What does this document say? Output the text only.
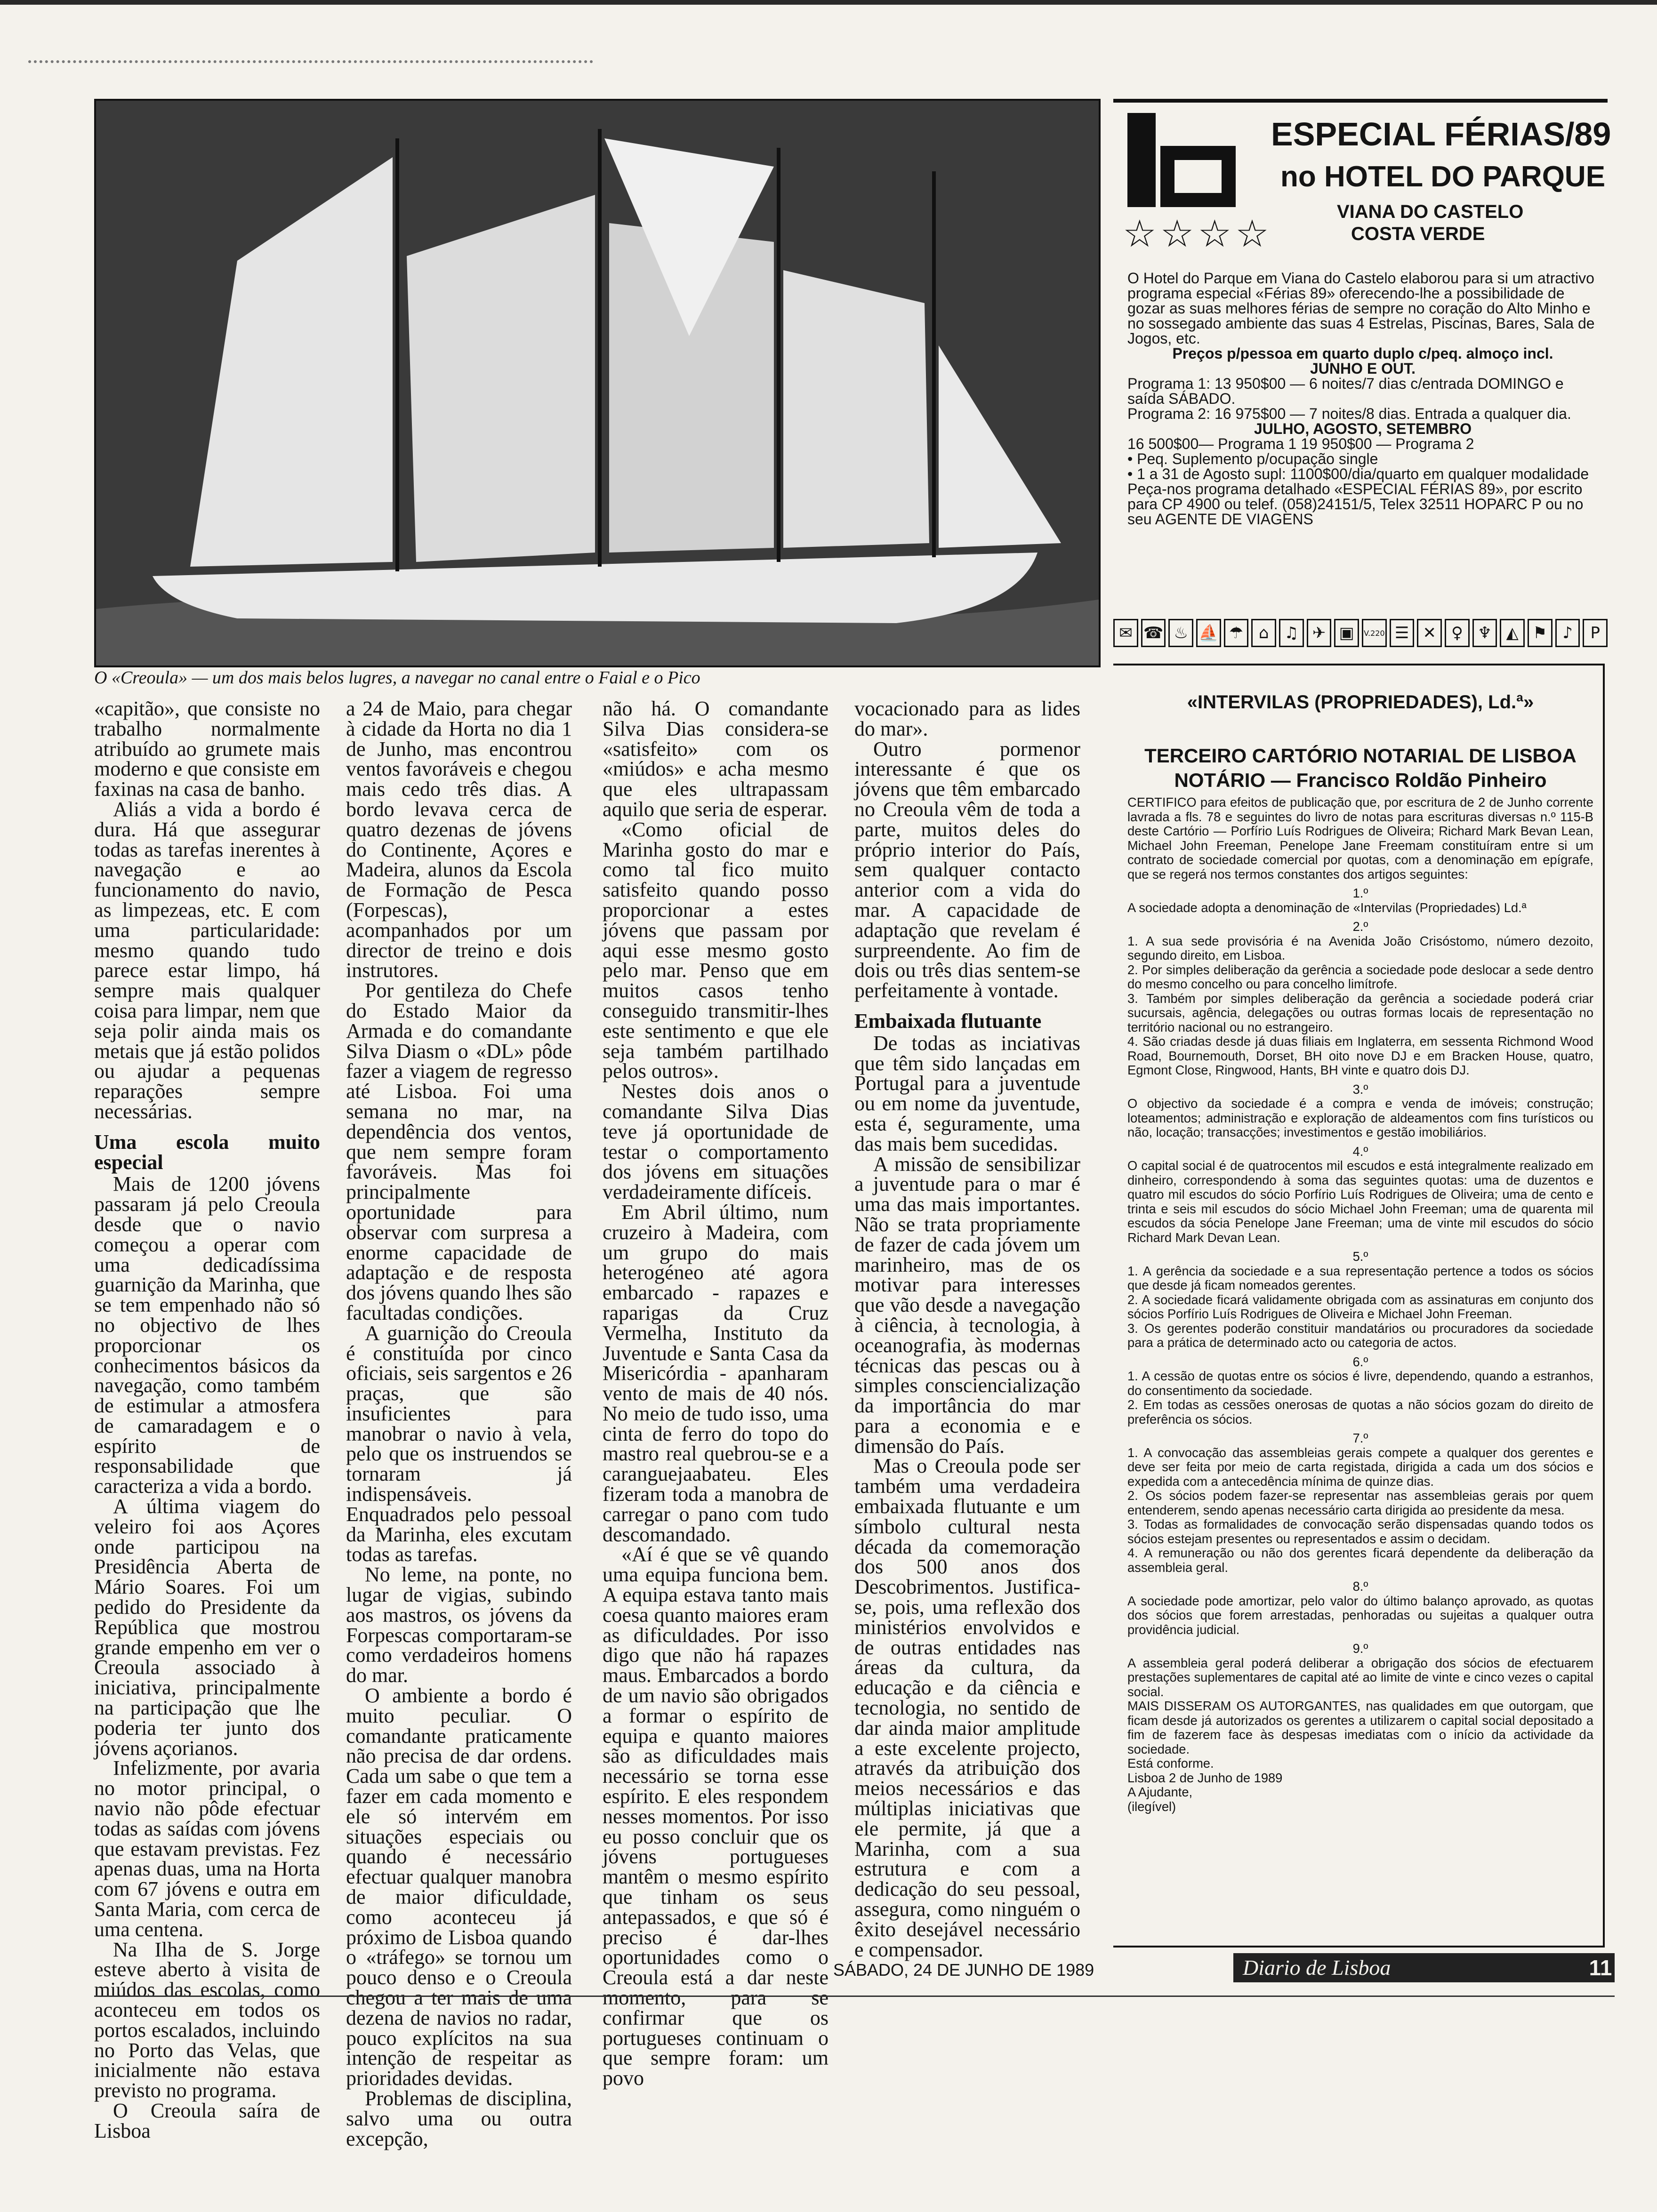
O «Creoula» — um dos mais belos lugres, a navegar no canal entre o Faial e o Pico

«capitão», que consiste no trabalho normalmente atribuído ao grumete mais moderno e que consiste em faxinas na casa de banho.

Aliás a vida a bordo é dura. Há que assegurar todas as tarefas inerentes à navegação e ao funcionamento do navio, as limpezeas, etc. E com uma particularidade: mesmo quando tudo parece estar limpo, há sempre mais qualquer coisa para limpar, nem que seja polir ainda mais os metais que já estão polidos ou ajudar a pequenas reparações sempre necessárias.

Uma escola muito especial

Mais de 1200 jóvens passaram já pelo Creoula desde que o navio começou a operar com uma dedicadíssima guarnição da Marinha, que se tem empenhado não só no objectivo de lhes proporcionar os conhecimentos básicos da navegação, como também de estimular a atmosfera de camaradagem e o espírito de responsabilidade que caracteriza a vida a bordo.

A última viagem do veleiro foi aos Açores onde participou na Presidência Aberta de Mário Soares. Foi um pedido do Presidente da República que mostrou grande empenho em ver o Creoula associado à iniciativa, principalmente na participação que lhe poderia ter junto dos jóvens açorianos.

Infelizmente, por avaria no motor principal, o navio não pôde efectuar todas as saídas com jóvens que estavam previstas. Fez apenas duas, uma na Horta com 67 jóvens e outra em Santa Maria, com cerca de uma centena.

Na Ilha de S. Jorge esteve aberto à visita de miúdos das escolas, como aconteceu em todos os portos escalados, incluindo no Porto das Velas, que inicialmente não estava previsto no programa.

O Creoula saíra de Lisboa

a 24 de Maio, para chegar à cidade da Horta no dia 1 de Junho, mas encontrou ventos favoráveis e chegou mais cedo três dias. A bordo levava cerca de quatro dezenas de jóvens do Continente, Açores e Madeira, alunos da Escola de Formação de Pesca (Forpescas), acompanhados por um director de treino e dois instrutores.

Por gentileza do Chefe do Estado Maior da Armada e do comandante Silva Diasm o «DL» pôde fazer a viagem de regresso até Lisboa. Foi uma semana no mar, na dependência dos ventos, que nem sempre foram favoráveis. Mas foi principalmente oportunidade para observar com surpresa a enorme capacidade de adaptação e de resposta dos jóvens quando lhes são facultadas condições.

A guarnição do Creoula é constituída por cinco oficiais, seis sargentos e 26 praças, que são insuficientes para manobrar o navio à vela, pelo que os instruendos se tornaram já indispensáveis. Enquadrados pelo pessoal da Marinha, eles excutam todas as tarefas.

No leme, na ponte, no lugar de vigias, subindo aos mastros, os jóvens da Forpescas comportaram-se como verdadeiros homens do mar.

O ambiente a bordo é muito peculiar. O comandante praticamente não precisa de dar ordens. Cada um sabe o que tem a fazer em cada momento e ele só intervém em situações especiais ou quando é necessário efectuar qualquer manobra de maior dificuldade, como aconteceu já próximo de Lisboa quando o «tráfego» se tornou um pouco denso e o Creoula chegou a ter mais de uma dezena de navios no radar, pouco explícitos na sua intenção de respeitar as prioridades devidas.

Problemas de disciplina, salvo uma ou outra excepção,

não há. O comandante Silva Dias considera-se «satisfeito» com os «miúdos» e acha mesmo que eles ultrapassam aquilo que seria de esperar.

«Como oficial de Marinha gosto do mar e como tal fico muito satisfeito quando posso proporcionar a estes jóvens que passam por aqui esse mesmo gosto pelo mar. Penso que em muitos casos tenho conseguido transmitir-lhes este sentimento e que ele seja também partilhado pelos outros».

Nestes dois anos o comandante Silva Dias teve já oportunidade de testar o comportamento dos jóvens em situações verdadeiramente difíceis.

Em Abril último, num cruzeiro à Madeira, com um grupo do mais heterogéneo até agora embarcado - rapazes e raparigas da Cruz Vermelha, Instituto da Juventude e Santa Casa da Misericórdia - apanharam vento de mais de 40 nós. No meio de tudo isso, uma cinta de ferro do topo do mastro real quebrou-se e a caranguejaabateu. Eles fizeram toda a manobra de carregar o pano com tudo descomandado.

«Aí é que se vê quando uma equipa funciona bem. A equipa estava tanto mais coesa quanto maiores eram as dificuldades. Por isso digo que não há rapazes maus. Embarcados a bordo de um navio são obrigados a formar o espírito de equipa e quanto maiores são as dificuldades mais necessário se torna esse espírito. E eles respondem nesses momentos. Por isso eu posso concluir que os jóvens portugueses mantêm o mesmo espírito que tinham os seus antepassados, e que só é preciso é dar-lhes oportunidades como o Creoula está a dar neste momento, para se confirmar que os portugueses continuam o que sempre foram: um povo

vocacionado para as lides do mar».

Outro pormenor interessante é que os jóvens que têm embarcado no Creoula vêm de toda a parte, muitos deles do próprio interior do País, sem qualquer contacto anterior com a vida do mar. A capacidade de adaptação que revelam é surpreendente. Ao fim de dois ou três dias sentem-se perfeitamente à vontade.

Embaixada flutuante

De todas as inciativas que têm sido lançadas em Portugal para a juventude ou em nome da juventude, esta é, seguramente, uma das mais bem sucedidas.

A missão de sensibilizar a juventude para o mar é uma das mais importantes. Não se trata propriamente de fazer de cada jóvem um marinheiro, mas de os motivar para interesses que vão desde a navegação à ciência, à tecnologia, à oceanografia, às modernas técnicas das pescas ou à simples consciencialização da importância do mar para a economia e e dimensão do País.

Mas o Creoula pode ser também uma verdadeira embaixada flutuante e um símbolo cultural nesta década da comemoração dos 500 anos dos Descobrimentos. Justifica-se, pois, uma reflexão dos ministérios envolvidos e de outras entidades nas áreas da cultura, da educação e da ciência e tecnologia, no sentido de dar ainda maior amplitude a este excelente projecto, através da atribuição dos meios necessários e das múltiplas iniciativas que ele permite, já que a Marinha, com a sua estrutura e com a dedicação do seu pessoal, assegura, como ninguém o êxito desejável necessário e compensador.

ESPECIAL FÉRIAS/89
no HOTEL DO PARQUE
☆☆☆☆
VIANA DO CASTELO
COSTA VERDE

O Hotel do Parque em Viana do Castelo elaborou para si um atractivo programa especial «Férias 89» oferecendo-lhe a possibilidade de gozar as suas melhores férias de sempre no coração do Alto Minho e no sossegado ambiente das suas 4 Estrelas, Piscinas, Bares, Sala de Jogos, etc.

Preços p/pessoa em quarto duplo c/peq. almoço incl.

JUNHO E OUT.

Programa 1: 13 950$00 — 6 noites/7 dias c/entrada DOMINGO e saída SÁBADO.

Programa 2: 16 975$00 — 7 noites/8 dias. Entrada a qualquer dia.

JULHO, AGOSTO, SETEMBRO

16 500$00— Programa 1 19 950$00 — Programa 2

• Peq. Suplemento p/ocupação single

• 1 a 31 de Agosto supl: 1100$00/dia/quarto em qualquer modalidade

Peça-nos programa detalhado «ESPECIAL FÉRIAS 89», por escrito para CP 4900 ou telef. (058)24151/5, Telex 32511 HOPARC P ou no seu AGENTE DE VIAGENS

✉ ☎ ♨ ⛵ ☂ ⌂ ♫ ✈ ▣	V.220 ☰ ✕ ♀ ♆ ◭ ⚑ ♪	P
«INTERVILAS (PROPRIEDADES), Ld.ª»
TERCEIRO CARTÓRIO NOTARIAL DE LISBOA
NOTÁRIO — Francisco Roldão Pinheiro

CERTIFICO para efeitos de publicação que, por escritura de 2 de Junho corrente lavrada a fls. 78 e seguintes do livro de notas para escrituras diversas n.º 115-B deste Cartório — Porfírio Luís Rodrigues de Oliveira; Richard Mark Bevan Lean, Michael John Freeman, Penelope Jane Freemam constituíram entre si um contrato de sociedade comercial por quotas, com a denominação em epígrafe, que se regerá nos termos constantes dos artigos seguintes:

1.º

A sociedade adopta a denominação de «Intervilas (Propriedades) Ld.ª

2.º

1. A sua sede provisória é na Avenida João Crisóstomo, número dezoito, segundo direito, em Lisboa.

2. Por simples deliberação da gerência a sociedade pode deslocar a sede dentro do mesmo concelho ou para concelho limítrofe.

3. Também por simples deliberação da gerência a sociedade poderá criar sucursais, agência, delegações ou outras formas locais de representação no território nacional ou no estrangeiro.

4. São criadas desde já duas filiais em Inglaterra, em sessenta Richmond Wood Road, Bournemouth, Dorset, BH oito nove DJ e em Bracken House, quatro, Egmont Close, Ringwood, Hants, BH vinte e quatro dois DJ.

3.º

O objectivo da sociedade é a compra e venda de imóveis; construção; loteamentos; administração e exploração de aldeamentos com fins turísticos ou não, locação; transacções; investimentos e gestão imobiliários.

4.º

O capital social é de quatrocentos mil escudos e está integralmente realizado em dinheiro, correspondendo à soma das seguintes quotas: uma de duzentos e quatro mil escudos do sócio Porfírio Luís Rodrigues de Oliveira; uma de cento e trinta e seis mil escudos do sócio Michael John Freeman; uma de quarenta mil escudos da sócia Penelope Jane Freeman; uma de vinte mil escudos do sócio Richard Mark Devan Lean.

5.º

1. A gerência da sociedade e a sua representação pertence a todos os sócios que desde já ficam nomeados gerentes.

2. A sociedade ficará validamente obrigada com as assinaturas em conjunto dos sócios Porfírio Luís Rodrigues de Oliveira e Michael John Freeman.

3. Os gerentes poderão constituir mandatários ou procuradores da sociedade para a prática de determinado acto ou categoria de actos.

6.º

1. A cessão de quotas entre os sócios é livre, dependendo, quando a estranhos, do consentimento da sociedade.

2. Em todas as cessões onerosas de quotas a não sócios gozam do direito de preferência os sócios.

7.º

1. A convocação das assembleias gerais compete a qualquer dos gerentes e deve ser feita por meio de carta registada, dirigida a cada um dos sócios e expedida com a antecedência mínima de quinze dias.

2. Os sócios podem fazer-se representar nas assembleias gerais por quem entenderem, sendo apenas necessário carta dirigida ao presidente da mesa.

3. Todas as formalidades de convocação serão dispensadas quando todos os sócios estejam presentes ou representados e assim o decidam.

4. A remuneração ou não dos gerentes ficará dependente da deliberação da assembleia geral.

8.º

A sociedade pode amortizar, pelo valor do último balanço aprovado, as quotas dos sócios que forem arrestadas, penhoradas ou sujeitas a qualquer outra providência judicial.

9.º

A assembleia geral poderá deliberar a obrigação dos sócios de efectuarem prestações suplementares de capital até ao limite de vinte e cinco vezes o capital social.

MAIS DISSERAM OS AUTORGANTES, nas qualidades em que outorgam, que ficam desde já autorizados os gerentes a utilizarem o capital social depositado a fim de fazerem face às despesas imediatas com o início da actividade da sociedade.

Está conforme.

Lisboa 2 de Junho de 1989

A Ajudante,

(ilegível)

SÁBADO, 24 DE JUNHO DE 1989	Diario de Lisboa	11
